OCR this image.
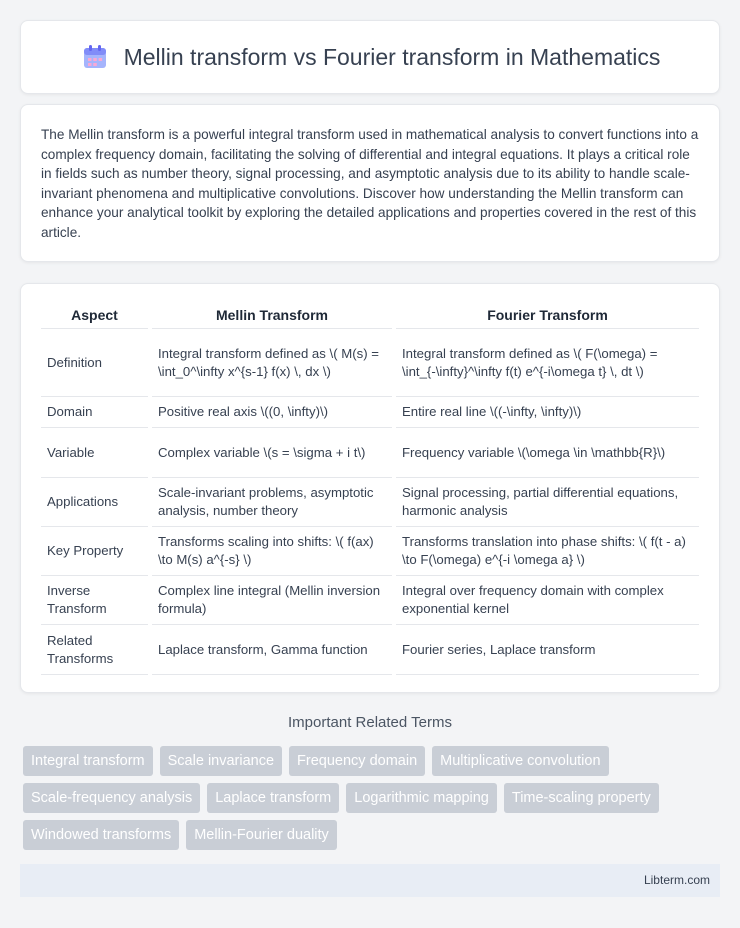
Mellin transform vs Fourier transform in Mathematics

The Mellin transform is a powerful integral transform used in mathematical analysis to convert functions into a complex frequency domain, facilitating the solving of differential and integral equations. It plays a critical role in fields such as number theory, signal processing, and asymptotic analysis due to its ability to handle scale-invariant phenomena and multiplicative convolutions. Discover how understanding the Mellin transform can enhance your analytical toolkit by exploring the detailed applications and properties covered in the rest of this article.

Aspect	Mellin Transform	Fourier Transform
Definition	Integral transform defined as \( M(s) = \int_0^\infty x^{s-1} f(x) \, dx \)	Integral transform defined as \( F(\omega) = \int_{-\infty}^\infty f(t) e^{-i\omega t} \, dt \)
Domain	Positive real axis \((0, \infty)\)	Entire real line \((-\infty, \infty)\)
Variable	Complex variable \(s = \sigma + i t\)	Frequency variable \(\omega \in \mathbb{R}\)
Applications	Scale-invariant problems, asymptotic analysis, number theory	Signal processing, partial differential equations, harmonic analysis
Key Property	Transforms scaling into shifts: \( f(ax) \to M(s) a^{-s} \)	Transforms translation into phase shifts: \( f(t - a) \to F(\omega) e^{-i \omega a} \)
Inverse Transform	Complex line integral (Mellin inversion formula)	Integral over frequency domain with complex exponential kernel
Related Transforms	Laplace transform, Gamma function	Fourier series, Laplace transform
Important Related Terms
Integral transform	Scale invariance	Frequency domain	Multiplicative convolution
Scale-frequency analysis	Laplace transform	Logarithmic mapping	Time-scaling property
Windowed transforms	Mellin-Fourier duality
Libterm.com
